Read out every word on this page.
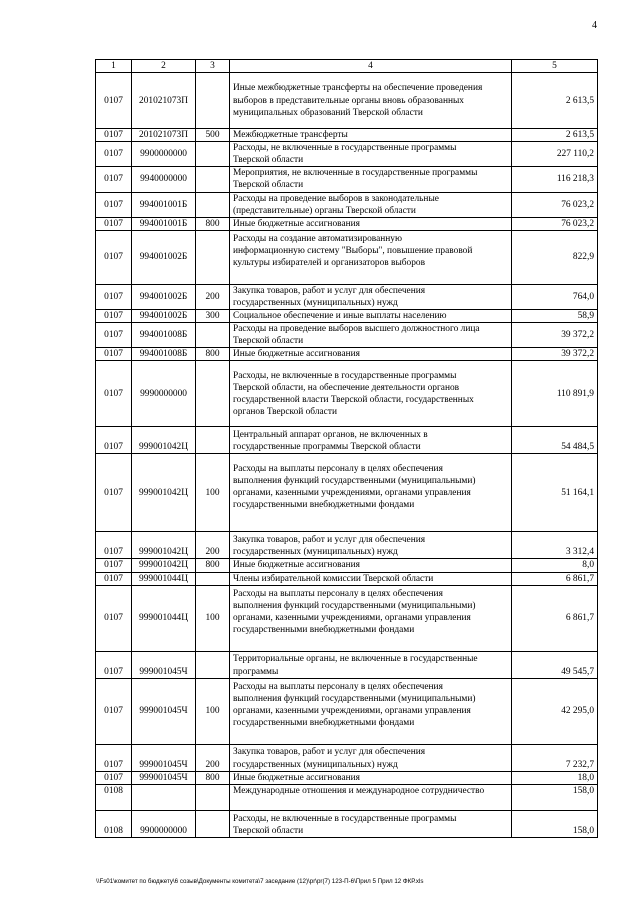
4
1	2	3	4	5
0107	201021073П		Иные межбюджетные трансферты на обеспечение проведения
выборов в представительные органы вновь образованных
муниципальных образований Тверской области	2 613,5
0107	201021073П	500	Межбюджетные трансферты	2 613,5
0107	9900000000		Расходы, не включенные в государственные программы
Тверской области	227 110,2
0107	9940000000		Мероприятия, не включенные в государственные программы
Тверской области	116 218,3
0107	994001001Б		Расходы на проведение выборов в законодательные
(представительные) органы Тверской области	76 023,2
0107	994001001Б	800	Иные бюджетные ассигнования	76 023,2
0107	994001002Б		Расходы на создание автоматизированную
информационную систему "Выборы", повышение правовой
культуры избирателей и организаторов выборов	822,9
0107	994001002Б	200	Закупка товаров, работ и услуг для обеспечения
государственных (муниципальных) нужд	764,0
0107	994001002Б	300	Социальное обеспечение и иные выплаты населению	58,9
0107	994001008Б		Расходы на проведение выборов высшего должностного лица
Тверской области	39 372,2
0107	994001008Б	800	Иные бюджетные ассигнования	39 372,2
0107	9990000000		Расходы, не включенные в государственные программы
Тверской области, на обеспечение деятельности органов
государственной власти Тверской области, государственных
органов Тверской области	110 891,9
0107	999001042Ц		Центральный аппарат органов, не включенных в
государственные программы Тверской области	54 484,5
0107	999001042Ц	100	Расходы на выплаты персоналу в целях обеспечения
выполнения функций государственными (муниципальными)
органами, казенными учреждениями, органами управления
государственными внебюджетными фондами	51 164,1
0107	999001042Ц	200	Закупка товаров, работ и услуг для обеспечения
государственных (муниципальных) нужд	3 312,4
0107	999001042Ц	800	Иные бюджетные ассигнования	8,0
0107	999001044Ц		Члены избирательной комиссии Тверской области	6 861,7
0107	999001044Ц	100	Расходы на выплаты персоналу в целях обеспечения
выполнения функций государственными (муниципальными)
органами, казенными учреждениями, органами управления
государственными внебюджетными фондами	6 861,7
0107	999001045Ч		Территориальные органы, не включенные в государственные
программы	49 545,7
0107	999001045Ч	100	Расходы на выплаты персоналу в целях обеспечения
выполнения функций государственными (муниципальными)
органами, казенными учреждениями, органами управления
государственными внебюджетными фондами	42 295,0
0107	999001045Ч	200	Закупка товаров, работ и услуг для обеспечения
государственных (муниципальных) нужд	7 232,7
0107	999001045Ч	800	Иные бюджетные ассигнования	18,0
0108			Международные отношения и международное сотрудничество	158,0
0108	9900000000		Расходы, не включенные в государственные программы
Тверской области	158,0
\\Fs01\комитет по бюджету\6 созыв\Документы комитета\7 заседание (12)\pr\pr(7) 123-П-6\Прил 5 Прил 12 ФКР.xls
